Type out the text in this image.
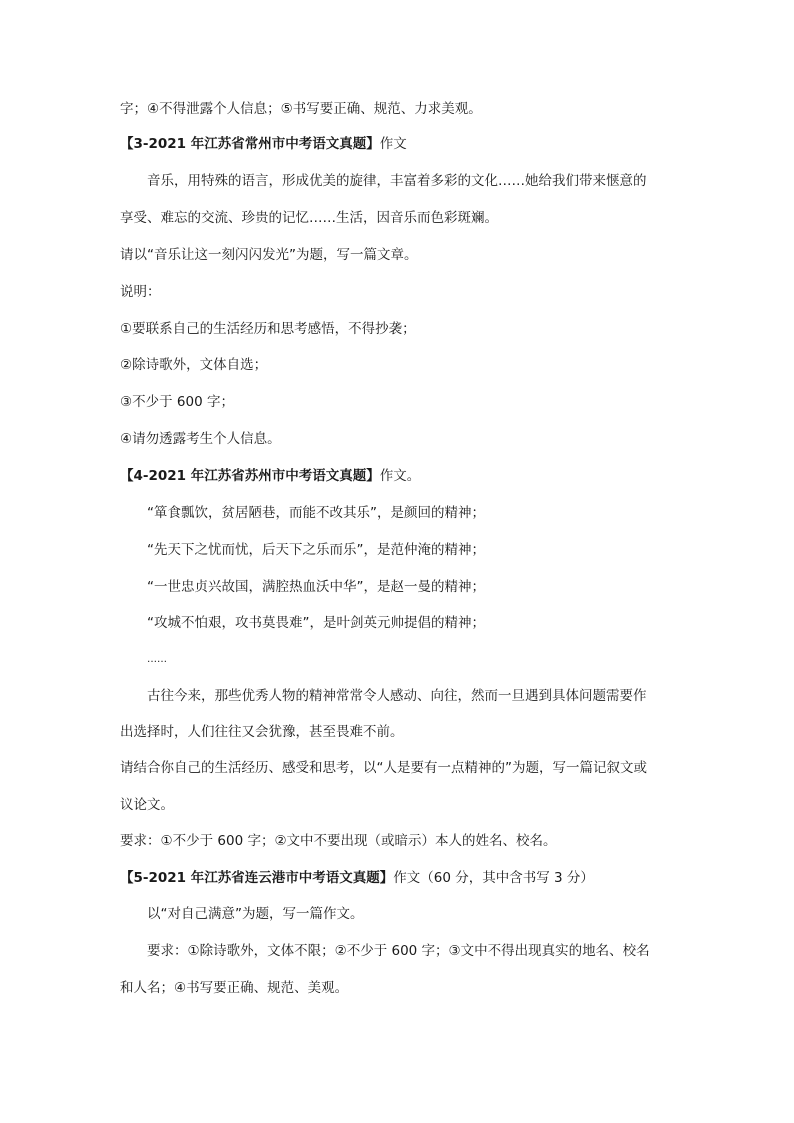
字；④不得泄露个人信息；⑤书写要正确、规范、力求美观。
【3-2021 年江苏省常州市中考语文真题】作文
音乐，用特殊的语言，形成优美的旋律，丰富着多彩的文化……她给我们带来惬意的
享受、难忘的交流、珍贵的记忆……生活，因音乐而色彩斑斓。
请以“音乐让这一刻闪闪发光”为题，写一篇文章。
说明：
①要联系自己的生活经历和思考感悟，不得抄袭；
②除诗歌外，文体自选；
③不少于 600 字；
④请勿透露考生个人信息。
【4-2021 年江苏省苏州市中考语文真题】作文。
“箪食瓢饮，贫居陋巷，而能不改其乐”，是颜回的精神；
“先天下之忧而忧，后天下之乐而乐”，是范仲淹的精神；
“一世忠贞兴故国，满腔热血沃中华”，是赵一曼的精神；
“攻城不怕艰，攻书莫畏难”，是叶剑英元帅提倡的精神；
……
古往今来，那些优秀人物的精神常常令人感动、向往，然而一旦遇到具体问题需要作
出选择时，人们往往又会犹豫，甚至畏难不前。
请结合你自己的生活经历、感受和思考，以“人是要有一点精神的”为题，写一篇记叙文或
议论文。
要求：①不少于 600 字；②文中不要出现（或暗示）本人的姓名、校名。
【5-2021 年江苏省连云港市中考语文真题】作文（60 分，其中含书写 3 分）
以“对自己满意”为题，写一篇作文。
要求：①除诗歌外，文体不限；②不少于 600 字；③文中不得出现真实的地名、校名
和人名；④书写要正确、规范、美观。
